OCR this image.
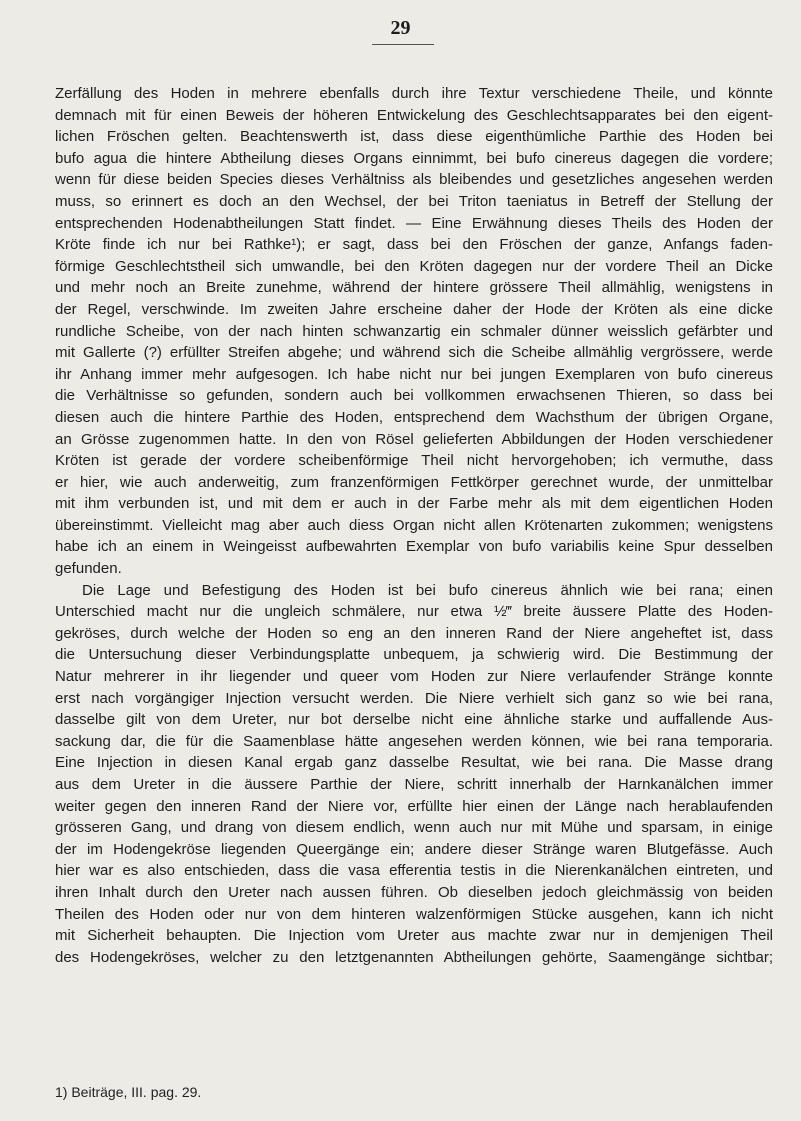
29

Zerfällung des Hoden in mehrere ebenfalls durch ihre Textur verschiedene Theile, und könnte

demnach mit für einen Beweis der höheren Entwickelung des Geschlechtsapparates bei den eigent-

lichen Fröschen gelten. Beachtenswerth ist, dass diese eigenthümliche Parthie des Hoden bei

bufo agua die hintere Abtheilung dieses Organs einnimmt, bei bufo cinereus dagegen die vordere;

wenn für diese beiden Species dieses Verhältniss als bleibendes und gesetzliches angesehen werden

muss, so erinnert es doch an den Wechsel, der bei Triton taeniatus in Betreff der Stellung der

entsprechenden Hodenabtheilungen Statt findet. — Eine Erwähnung dieses Theils des Hoden der

Kröte finde ich nur bei Rathke¹); er sagt, dass bei den Fröschen der ganze, Anfangs faden-

förmige Geschlechtstheil sich umwandle, bei den Kröten dagegen nur der vordere Theil an Dicke

und mehr noch an Breite zunehme, während der hintere grössere Theil allmählig, wenigstens in

der Regel, verschwinde. Im zweiten Jahre erscheine daher der Hode der Kröten als eine dicke

rundliche Scheibe, von der nach hinten schwanzartig ein schmaler dünner weisslich gefärbter und

mit Gallerte (?) erfüllter Streifen abgehe; und während sich die Scheibe allmählig vergrössere, werde

ihr Anhang immer mehr aufgesogen. Ich habe nicht nur bei jungen Exemplaren von bufo cinereus

die Verhältnisse so gefunden, sondern auch bei vollkommen erwachsenen Thieren, so dass bei

diesen auch die hintere Parthie des Hoden, entsprechend dem Wachsthum der übrigen Organe,

an Grösse zugenommen hatte. In den von Rösel gelieferten Abbildungen der Hoden verschiedener

Kröten ist gerade der vordere scheibenförmige Theil nicht hervorgehoben; ich vermuthe, dass

er hier, wie auch anderweitig, zum franzenförmigen Fettkörper gerechnet wurde, der unmittelbar

mit ihm verbunden ist, und mit dem er auch in der Farbe mehr als mit dem eigentlichen Hoden

übereinstimmt. Vielleicht mag aber auch diess Organ nicht allen Krötenarten zukommen; wenigstens

habe ich an einem in Weingeisst aufbewahrten Exemplar von bufo variabilis keine Spur desselben

gefunden.

Die Lage und Befestigung des Hoden ist bei bufo cinereus ähnlich wie bei rana; einen

Unterschied macht nur die ungleich schmälere, nur etwa ½‴ breite äussere Platte des Hoden-

gekröses, durch welche der Hoden so eng an den inneren Rand der Niere angeheftet ist, dass

die Untersuchung dieser Verbindungsplatte unbequem, ja schwierig wird. Die Bestimmung der

Natur mehrerer in ihr liegender und queer vom Hoden zur Niere verlaufender Stränge konnte

erst nach vorgängiger Injection versucht werden. Die Niere verhielt sich ganz so wie bei rana,

dasselbe gilt von dem Ureter, nur bot derselbe nicht eine ähnliche starke und auffallende Aus-

sackung dar, die für die Saamenblase hätte angesehen werden können, wie bei rana temporaria.

Eine Injection in diesen Kanal ergab ganz dasselbe Resultat, wie bei rana. Die Masse drang

aus dem Ureter in die äussere Parthie der Niere, schritt innerhalb der Harnkanälchen immer

weiter gegen den inneren Rand der Niere vor, erfüllte hier einen der Länge nach herablaufenden

grösseren Gang, und drang von diesem endlich, wenn auch nur mit Mühe und sparsam, in einige

der im Hodengekröse liegenden Queergänge ein; andere dieser Stränge waren Blutgefässe. Auch

hier war es also entschieden, dass die vasa efferentia testis in die Nierenkanälchen eintreten, und

ihren Inhalt durch den Ureter nach aussen führen. Ob dieselben jedoch gleichmässig von beiden

Theilen des Hoden oder nur von dem hinteren walzenförmigen Stücke ausgehen, kann ich nicht

mit Sicherheit behaupten. Die Injection vom Ureter aus machte zwar nur in demjenigen Theil

des Hodengekröses, welcher zu den letztgenannten Abtheilungen gehörte, Saamengänge sichtbar;

1) Beiträge, III. pag. 29.
